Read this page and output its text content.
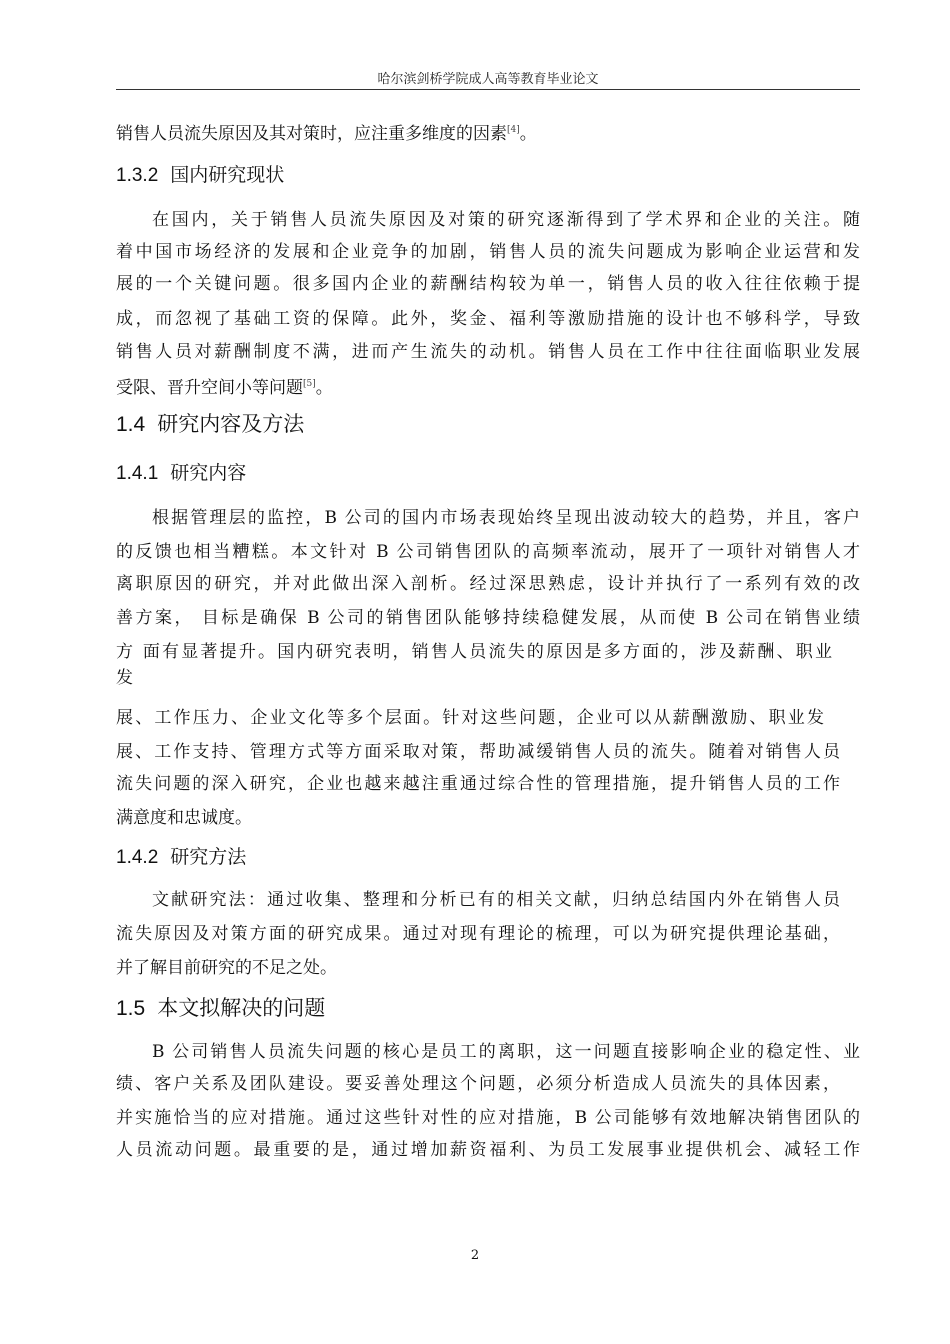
哈尔滨剑桥学院成人高等教育毕业论文
销售人员流失原因及其对策时，应注重多维度的因素[4]。
1.3.2 国内研究现状
在国内，关于销售人员流失原因及对策的研究逐渐得到了学术界和企业的关注。随
着中国市场经济的发展和企业竞争的加剧，销售人员的流失问题成为影响企业运营和发
展的一个关键问题。很多国内企业的薪酬结构较为单一，销售人员的收入往往依赖于提
成，而忽视了基础工资的保障。此外，奖金、福利等激励措施的设计也不够科学，导致
销售人员对薪酬制度不满，进而产生流失的动机。销售人员在工作中往往面临职业发展
受限、晋升空间小等问题[5]。
1.4 研究内容及方法
1.4.1 研究内容
根据管理层的监控，B 公司的国内市场表现始终呈现出波动较大的趋势，并且，客户
的反馈也相当糟糕。本文针对 B 公司销售团队的高频率流动，展开了一项针对销售人才
离职原因的研究，并对此做出深入剖析。经过深思熟虑，设计并执行了一系列有效的改
善方案， 目标是确保 B 公司的销售团队能够持续稳健发展，从而使 B 公司在销售业绩
方 面有显著提升。国内研究表明，销售人员流失的原因是多方面的，涉及薪酬、职业
发
展、工作压力、企业文化等多个层面。针对这些问题，企业可以从薪酬激励、职业发
展、工作支持、管理方式等方面采取对策，帮助减缓销售人员的流失。随着对销售人员
流失问题的深入研究，企业也越来越注重通过综合性的管理措施，提升销售人员的工作
满意度和忠诚度。
1.4.2 研究方法
文献研究法：通过收集、整理和分析已有的相关文献，归纳总结国内外在销售人员
流失原因及对策方面的研究成果。通过对现有理论的梳理，可以为研究提供理论基础，
并了解目前研究的不足之处。
1.5 本文拟解决的问题
B 公司销售人员流失问题的核心是员工的离职，这一问题直接影响企业的稳定性、业
绩、客户关系及团队建设。要妥善处理这个问题，必须分析造成人员流失的具体因素，
并实施恰当的应对措施。通过这些针对性的应对措施，B 公司能够有效地解决销售团队的
人员流动问题。最重要的是，通过增加薪资福利、为员工发展事业提供机会、减轻工作
2
